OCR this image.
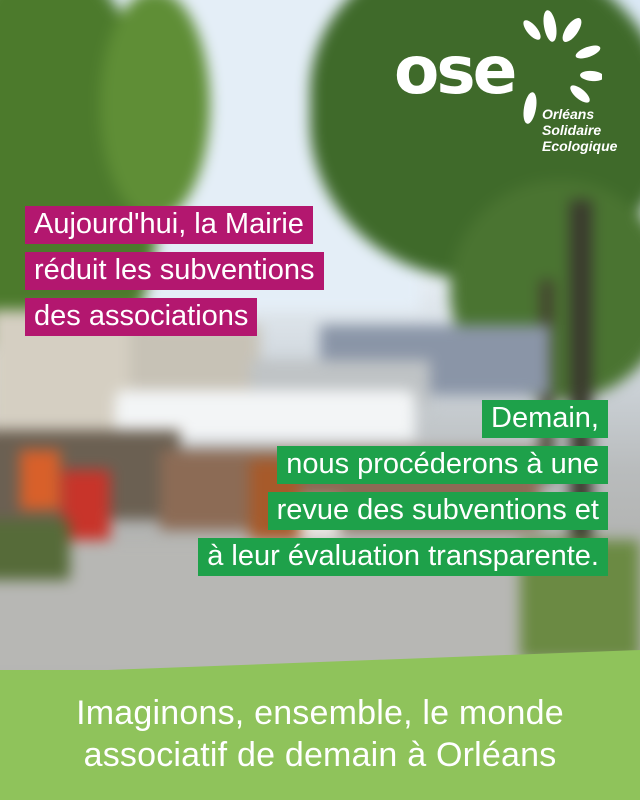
ose
Orléans
Solidaire
Ecologique
Aujourd'hui, la Mairie
réduit les subventions
des associations
Demain,
nous procéderons à une
revue des subventions et
à leur évaluation transparente.
Imaginons, ensemble, le monde
associatif de demain à Orléans
